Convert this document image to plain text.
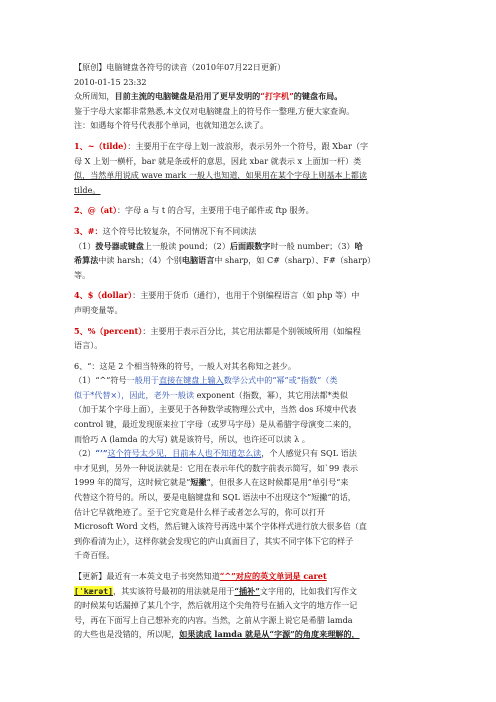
【原创】电脑键盘各符号的读音（2010年07月22日更新）
2010-01-15 23:32
众所周知，目前主流的电脑键盘是沿用了更早发明的“打字机”的键盘布局。
鉴于字母大家都非常熟悉,本文仅对电脑键盘上的符号作一整理,方便大家查询。
注：如遇每个符号代表那个单词，也就知道怎么读了。
1、~（tilde）：主要用于在字母上划一波浪形，表示另外一个符号，跟 Xbar（字
母 X 上划一横杆，bar 就是条或杆的意思，因此 xbar 就表示 x 上面加一杆）类
似，当然单用说成 wave mark 一般人也知道，如果用在某个字母上则基本上都读
tilde。
2、@（at）：字母 a 与 t 的合写，主要用于电子邮件或 ftp 服务。
3、#：这个符号比较复杂，不同情况下有不同读法
（1）拨号器或键盘上一般读 pound；（2）后面跟数字时一般 number；（3）哈
希算法中读 harsh；（4）个别电脑语言中 sharp，如 C#（sharp）、F#（sharp）
等。
4、$（dollar）：主要用于货币（通行），也用于个别编程语言（如 php 等）中
声明变量等。
5、%（percent）：主要用于表示百分比，其它用法都是个别领域所用（如编程
语言）。
6、“：这是 2 个相当特殊的符号，一般人对其名称知之甚少。
（1）“^”符号一般用于直接在键盘上输入数学公式中的“幂”或“指数”（类
似于*代替×），因此，老外一般读 exponent（指数，幂），其它用法都*类似
（加于某个字母上面），主要见于各种数学或物理公式中，当然 dos 环境中代表
control 键，最近发现原来拉丁字母（或罗马字母）是从希腊字母演变二来的，
而恰巧 Λ (lamda 的大写) 就是该符号，所以，也许还可以读 λ 。
（2）“’”这个符号太少见，目前本人也不知道怎么读，个人感觉只有 SQL 语法
中才见到，另外一种说法就是：它用在表示年代的数字前表示简写，如`99 表示
1999 年的简写，这时候它就是”短撇“，但很多人在这时候都是用”单引号“来
代替这个符号的。所以，要是电脑键盘和 SQL 语法中不出现这个”短撇“的话，
估计它早就绝迹了。至于它究竟是什么样子或者怎么写的，你可以打开
Microsoft Word 文档，然后键入该符号再选中某个字体样式进行放大很多倍（直
到你看清为止），这样你就会发现它的庐山真面目了，其实不同字体下它的样子
千奇百怪。
【更新】最近有一本英文电子书突然知道“^”对应的英文单词是 caret
[ˈkærət]，其实该符号最初的用法就是用于“插补”文字用的，比如我们写作文
的时候某句话漏掉了某几个字，然后就用这个尖角符号在插入文字的地方作一记
号，再在下面写上自己想补充的内容。当然，之前从字源上说它是希腊 lamda
的大些也是没错的，所以呢，如果读成 lamda 就是从“字源”的角度来理解的，
